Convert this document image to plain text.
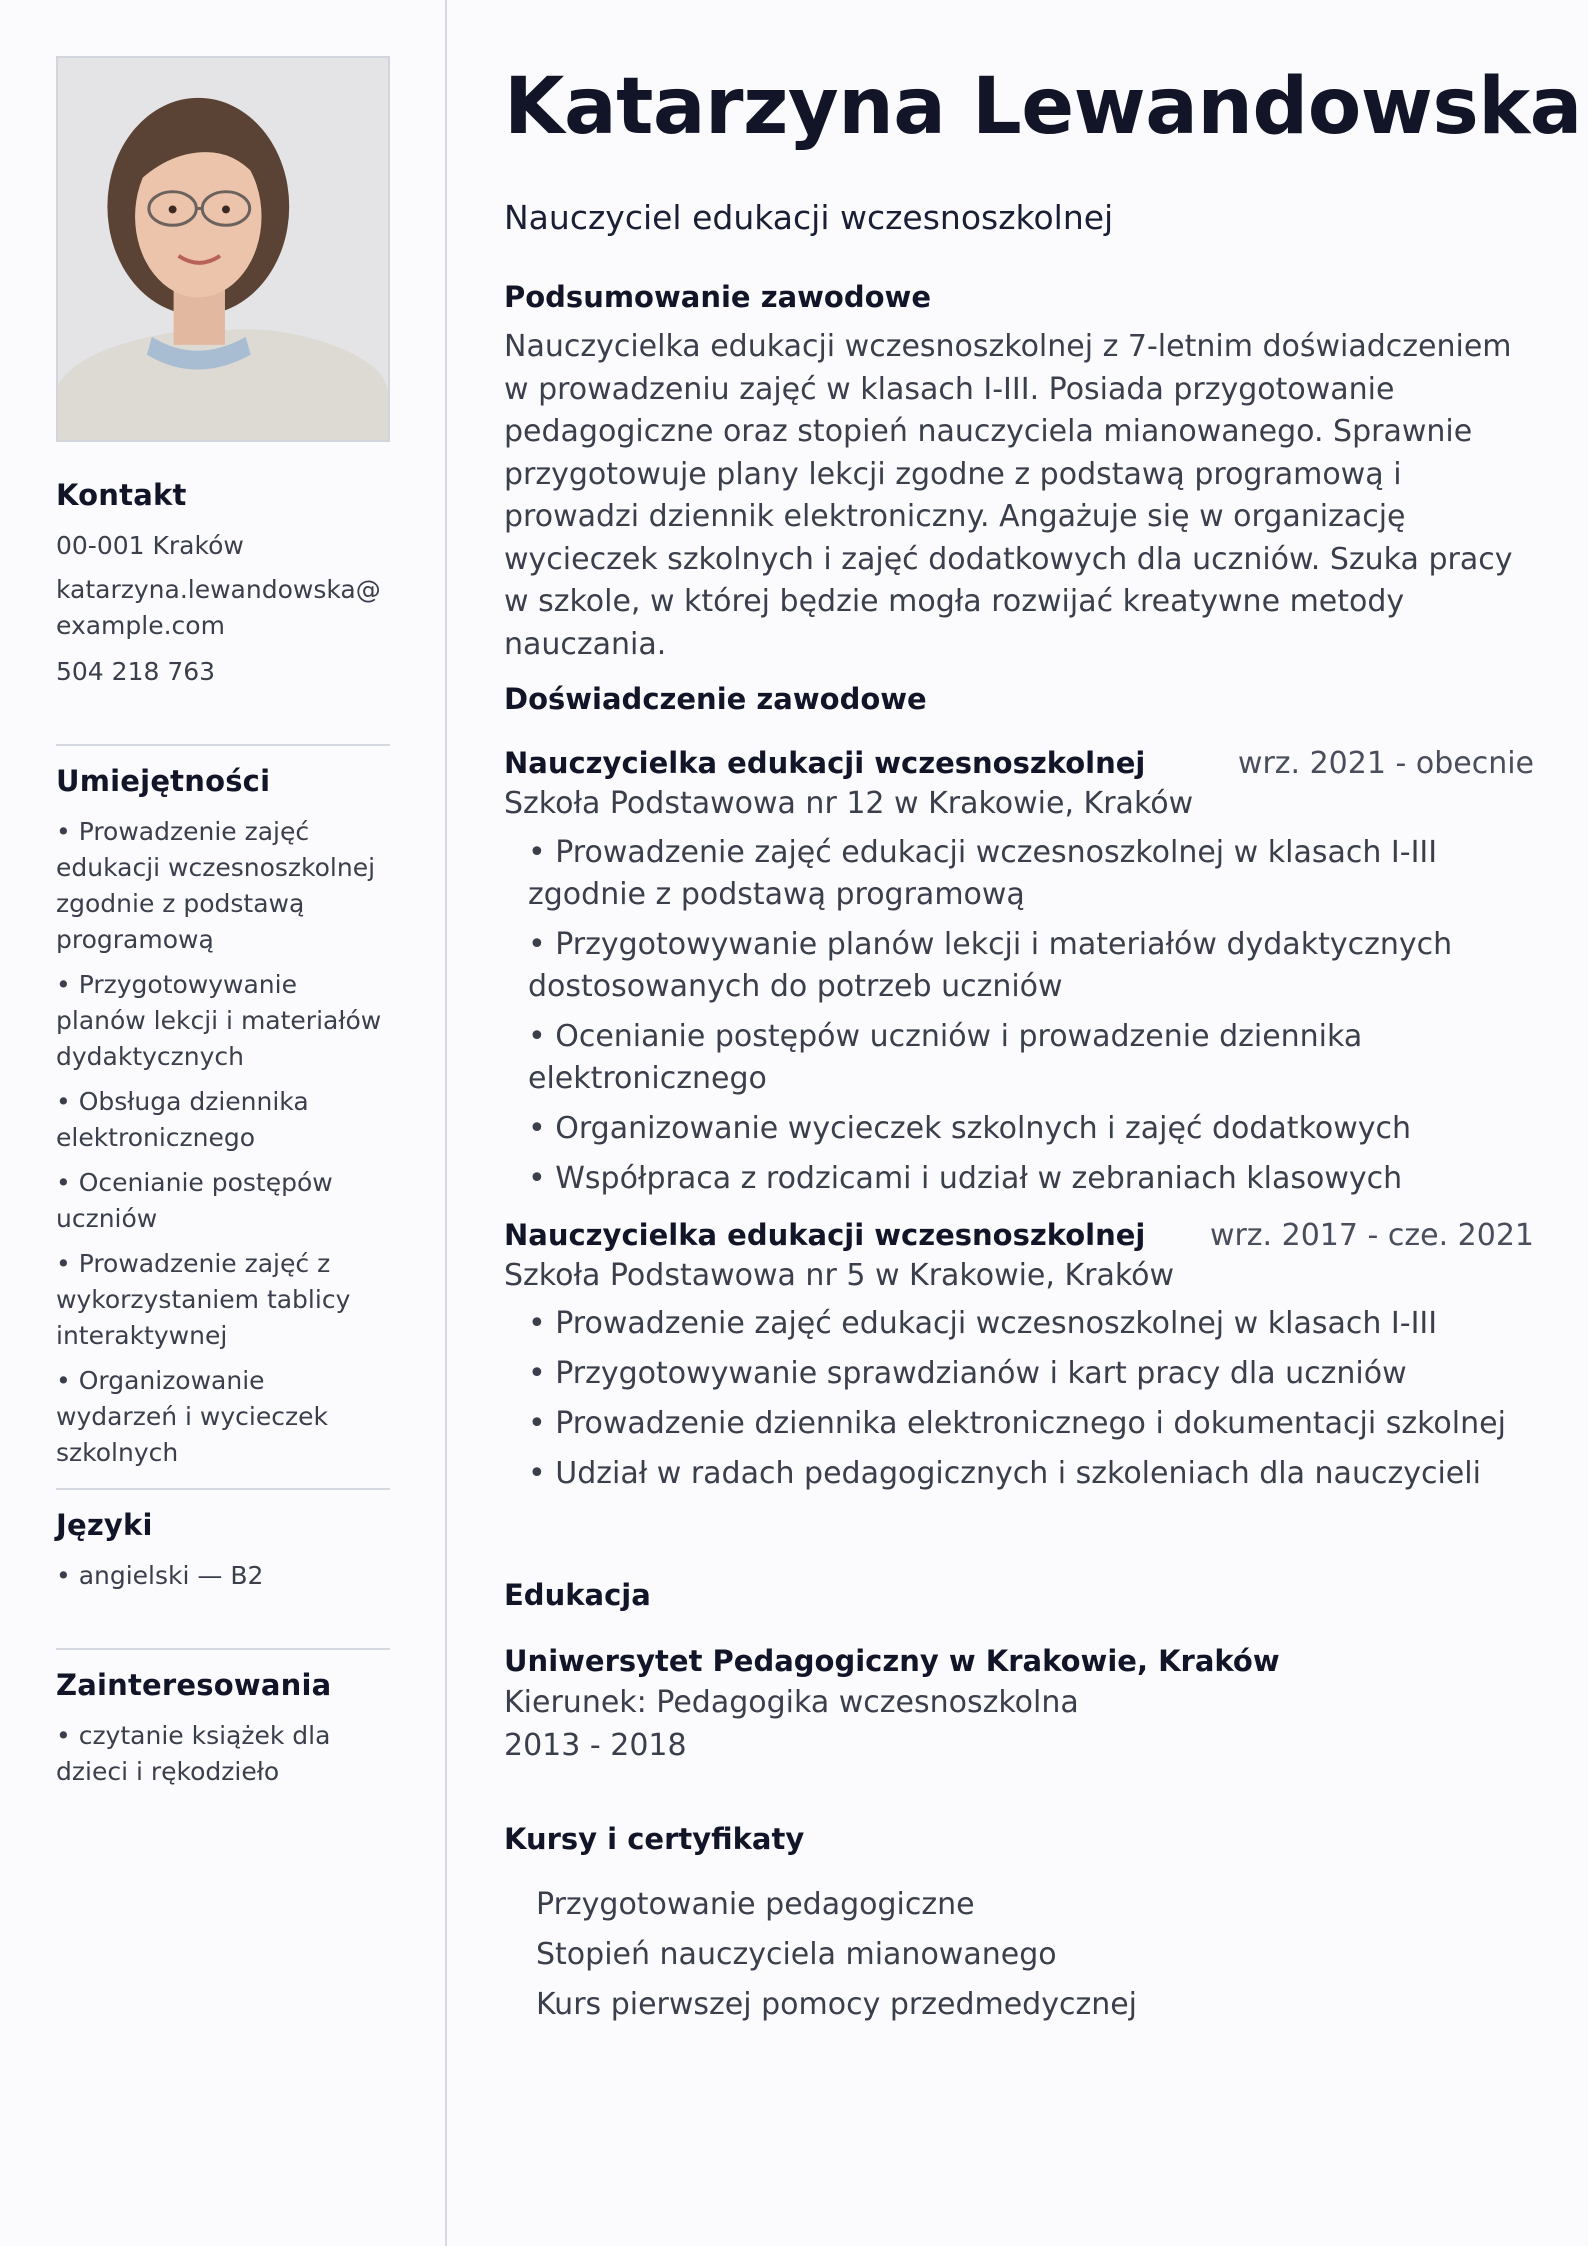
Kontakt
00-001 Kraków
katarzyna.lewandowska@
example.com
504 218 763
Umiejętności
• Prowadzenie zajęć edukacji wczesnoszkolnej zgodnie z podstawą programową
• Przygotowywanie planów lekcji i materiałów dydaktycznych
• Obsługa dziennika elektronicznego
• Ocenianie postępów uczniów
• Prowadzenie zajęć z wykorzystaniem tablicy interaktywnej
• Organizowanie wydarzeń i wycieczek szkolnych
Języki
• angielski — B2
Zainteresowania
• czytanie książek dla dzieci i rękodzieło
Katarzyna Lewandowska
Nauczyciel edukacji wczesnoszkolnej
Podsumowanie zawodowe

Nauczycielka edukacji wczesnoszkolnej z 7-letnim doświadczeniem w prowadzeniu zajęć w klasach I-III. Posiada przygotowanie pedagogiczne oraz stopień nauczyciela mianowanego. Sprawnie przygotowuje plany lekcji zgodne z podstawą programową i prowadzi dziennik elektroniczny. Angażuje się w organizację wycieczek szkolnych i zajęć dodatkowych dla uczniów. Szuka pracy w szkole, w której będzie mogła rozwijać kreatywne metody nauczania.

Doświadczenie zawodowe
Nauczycielka edukacji wczesnoszkolnej	wrz. 2021 - obecnie
Szkoła Podstawowa nr 12 w Krakowie, Kraków
• Prowadzenie zajęć edukacji wczesnoszkolnej w klasach I-III zgodnie z podstawą programową
• Przygotowywanie planów lekcji i materiałów dydaktycznych dostosowanych do potrzeb uczniów
• Ocenianie postępów uczniów i prowadzenie dziennika elektronicznego
• Organizowanie wycieczek szkolnych i zajęć dodatkowych
• Współpraca z rodzicami i udział w zebraniach klasowych
Nauczycielka edukacji wczesnoszkolnej wrz. 2017 - cze. 2021
Szkoła Podstawowa nr 5 w Krakowie, Kraków
• Prowadzenie zajęć edukacji wczesnoszkolnej w klasach I-III
• Przygotowywanie sprawdzianów i kart pracy dla uczniów
• Prowadzenie dziennika elektronicznego i dokumentacji szkolnej
• Udział w radach pedagogicznych i szkoleniach dla nauczycieli
Edukacja
Uniwersytet Pedagogiczny w Krakowie, Kraków
Kierunek: Pedagogika wczesnoszkolna
2013 - 2018
Kursy i certyfikaty
Przygotowanie pedagogiczne
Stopień nauczyciela mianowanego
Kurs pierwszej pomocy przedmedycznej
